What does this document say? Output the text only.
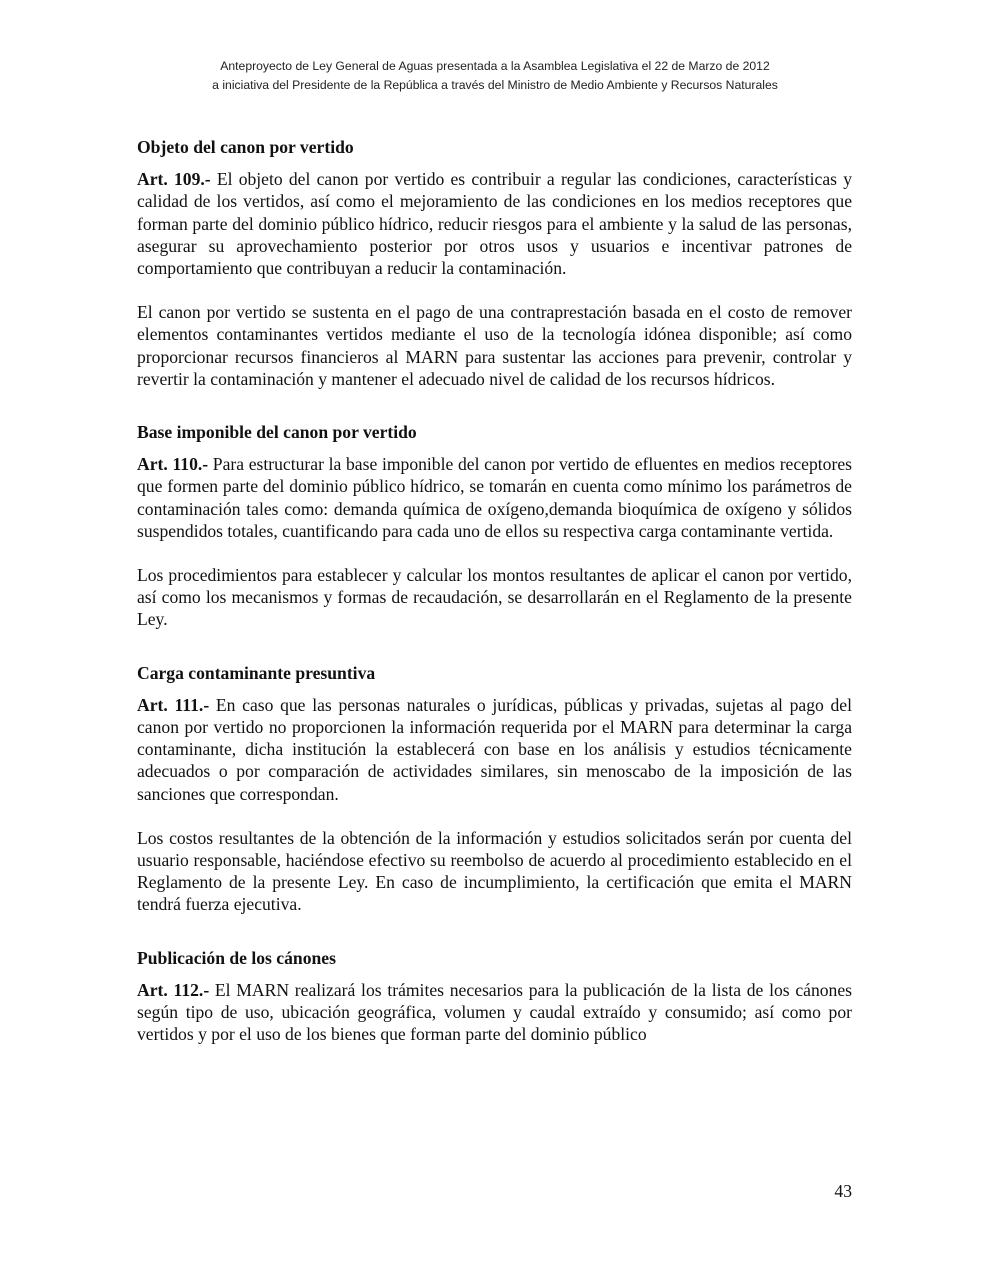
Anteproyecto de Ley General de Aguas presentada a la Asamblea Legislativa el 22 de Marzo de 2012
a iniciativa del Presidente de la República a través del Ministro de Medio Ambiente y Recursos Naturales
Objeto del canon por vertido

Art. 109.- El objeto del canon por vertido es contribuir a regular las condiciones, características y calidad de los vertidos, así como el mejoramiento de las condiciones en los medios receptores que forman parte del dominio público hídrico, reducir riesgos para el ambiente y la salud de las personas, asegurar su aprovechamiento posterior por otros usos y usuarios e incentivar patrones de comportamiento que contribuyan a reducir la contaminación.

El canon por vertido se sustenta en el pago de una contraprestación basada en el costo de remover elementos contaminantes vertidos mediante el uso de la tecnología idónea disponible; así como proporcionar recursos financieros al MARN para sustentar las acciones para prevenir, controlar y revertir la contaminación y mantener el adecuado nivel de calidad de los recursos hídricos.

Base imponible del canon por vertido

Art. 110.- Para estructurar la base imponible del canon por vertido de efluentes en medios receptores que formen parte del dominio público hídrico, se tomarán en cuenta como mínimo los parámetros de contaminación tales como: demanda química de oxígeno,demanda bioquímica de oxígeno y sólidos suspendidos totales, cuantificando para cada uno de ellos su respectiva carga contaminante vertida.

Los procedimientos para establecer y calcular los montos resultantes de aplicar el canon por vertido, así como los mecanismos y formas de recaudación, se desarrollarán en el Reglamento de la presente Ley.

Carga contaminante presuntiva

Art. 111.- En caso que las personas naturales o jurídicas, públicas y privadas, sujetas al pago del canon por vertido no proporcionen la información requerida por el MARN para determinar la carga contaminante, dicha institución la establecerá con base en los análisis y estudios técnicamente adecuados o por comparación de actividades similares, sin menoscabo de la imposición de las sanciones que correspondan.

Los costos resultantes de la obtención de la información y estudios solicitados serán por cuenta del usuario responsable, haciéndose efectivo su reembolso de acuerdo al procedimiento establecido en el Reglamento de la presente Ley. En caso de incumplimiento, la certificación que emita el MARN tendrá fuerza ejecutiva.

Publicación de los cánones

Art. 112.- El MARN realizará los trámites necesarios para la publicación de la lista de los cánones según tipo de uso, ubicación geográfica, volumen y caudal extraído y consumido; así como por vertidos y por el uso de los bienes que forman parte del dominio público

43
